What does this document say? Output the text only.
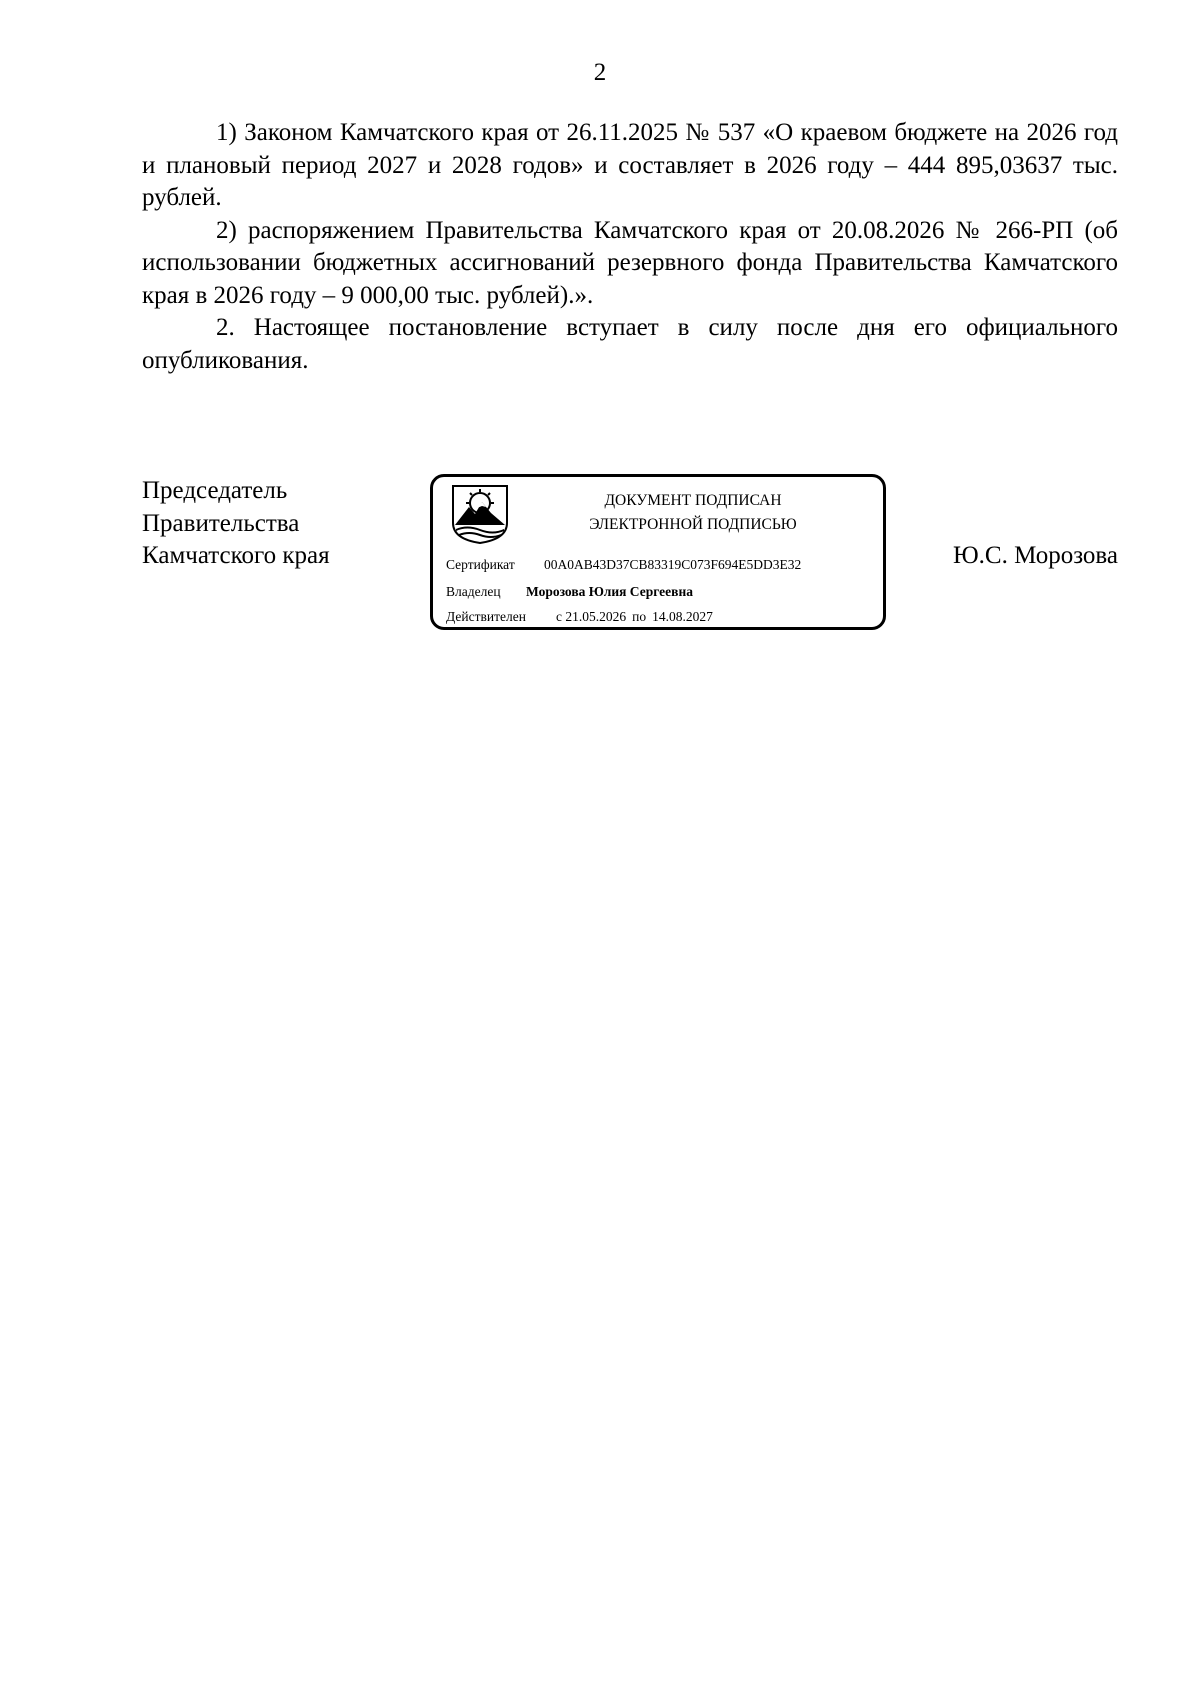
2

1) Законом Камчатского края от 26.11.2025 № 537 «О краевом бюджете на 2026 год и плановый период 2027 и 2028 годов» и составляет в 2026 году – 444 895,03637 тыс. рублей.

2) распоряжением Правительства Камчатского края от 20.08.2026 № 266-РП (об использовании бюджетных ассигнований резервного фонда Правительства Камчатского края в 2026 году – 9 000,00 тыс. рублей).».

2. Настоящее постановление вступает в силу после дня его официального опубликования.

Председатель
Правительства
Камчатского края
ДОКУМЕНТ ПОДПИСАН
ЭЛЕКТРОННОЙ ПОДПИСЬЮ
Сертификат 00A0AB43D37CB83319C073F694E5DD3E32
Владелец Морозова Юлия Сергеевна
Действителен с 21.05.2026 по 14.08.2027
Ю.С. Морозова
